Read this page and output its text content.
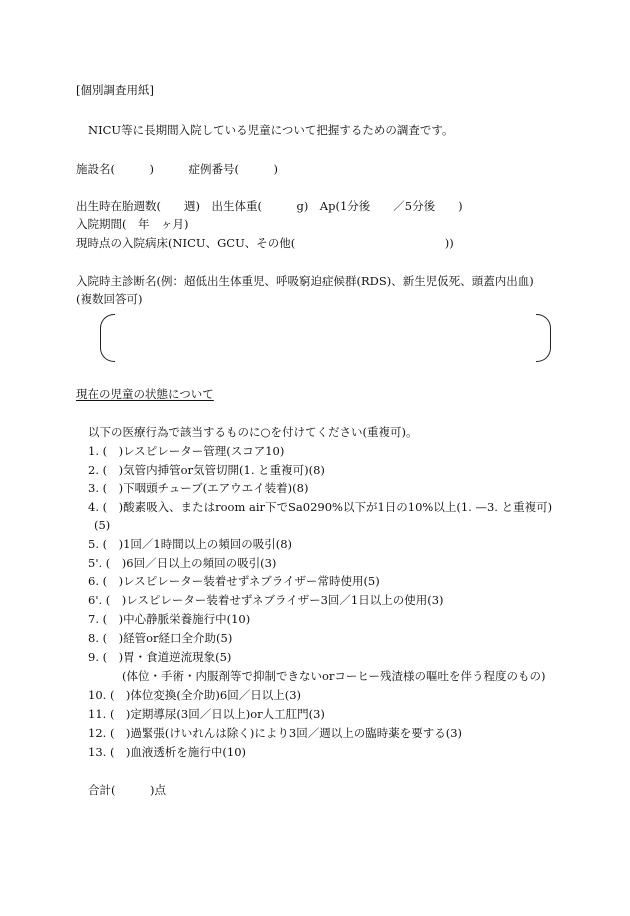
[個別調査用紙]
NICU等に長期間入院している児童について把握するための調査です。
施設名(　　　)　　　症例番号(　　　)
出生時在胎週数(　　週)　出生体重(　　　g)　Ap(1分後　　／5分後　　)
入院期間(　年　ヶ月)
現時点の入院病床(NICU、GCU、その他(　　　　　　　　　　　　　))
入院時主診断名(例：超低出生体重児、呼吸窮迫症候群(RDS)、新生児仮死、頭蓋内出血)
(複数回答可)
現在の児童の状態について
以下の医療行為で該当するものに○を付けてください(重複可)。
1. (　)レスピレーター管理(スコア10)
2. (　)気管内挿管or気管切開(1. と重複可)(8)
3. (　)下咽頭チューブ(エアウエイ装着)(8)
4. (　)酸素吸入、またはroom air下でSa0290%以下が1日の10%以上(1. —3. と重複可)
(5)
5. (　)1回／1時間以上の頻回の吸引(8)
5'. (　)6回／日以上の頻回の吸引(3)
6. (　)レスピレーター装着せずネブライザー常時使用(5)
6'. (　)レスピレーター装着せずネブライザー3回／1日以上の使用(3)
7. (　)中心静脈栄養施行中(10)
8. (　)経管or経口全介助(5)
9. (　)胃・食道逆流現象(5)
(体位・手術・内服剤等で抑制できないorコーヒー残渣様の嘔吐を伴う程度のもの)
10. (　)体位変換(全介助)6回／日以上(3)
11. (　)定期導尿(3回／日以上)or人工肛門(3)
12. (　)過緊張(けいれんは除く)により3回／週以上の臨時薬を要する(3)
13. (　)血液透析を施行中(10)
合計(　　　)点
